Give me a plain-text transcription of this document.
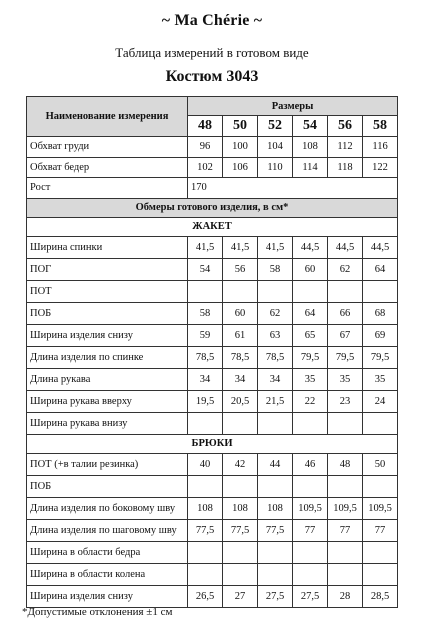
~ Ma Chérie ~
Таблица измерений в готовом виде
Костюм 3043
Наименование измерения	Размеры					
	48	50	52	54	56	58
Обхват груди	96	100	104	108	112	116
Обхват бедер	102	106	110	114	118	122
Рост	170					
Обмеры готового изделия, в см*						
ЖАКЕТ						
Ширина спинки	41,5	41,5	41,5	44,5	44,5	44,5
ПОГ	54	56	58	60	62	64
ПОТ						
ПОБ	58	60	62	64	66	68
Ширина изделия снизу	59	61	63	65	67	69
Длина изделия по спинке	78,5	78,5	78,5	79,5	79,5	79,5
Длина рукава	34	34	34	35	35	35
Ширина рукава вверху	19,5	20,5	21,5	22	23	24
Ширина рукава внизу						
БРЮКИ						
ПОТ (+в талии резинка)	40	42	44	46	48	50
ПОБ						
Длина изделия по боковому шву	108	108	108	109,5	109,5	109,5
Длина изделия по шаговому шву	77,5	77,5	77,5	77	77	77
Ширина в области бедра						
Ширина в области колена						
Ширина изделия снизу	26,5	27	27,5	27,5	28	28,5
*Допустимые отклонения ±1 см
